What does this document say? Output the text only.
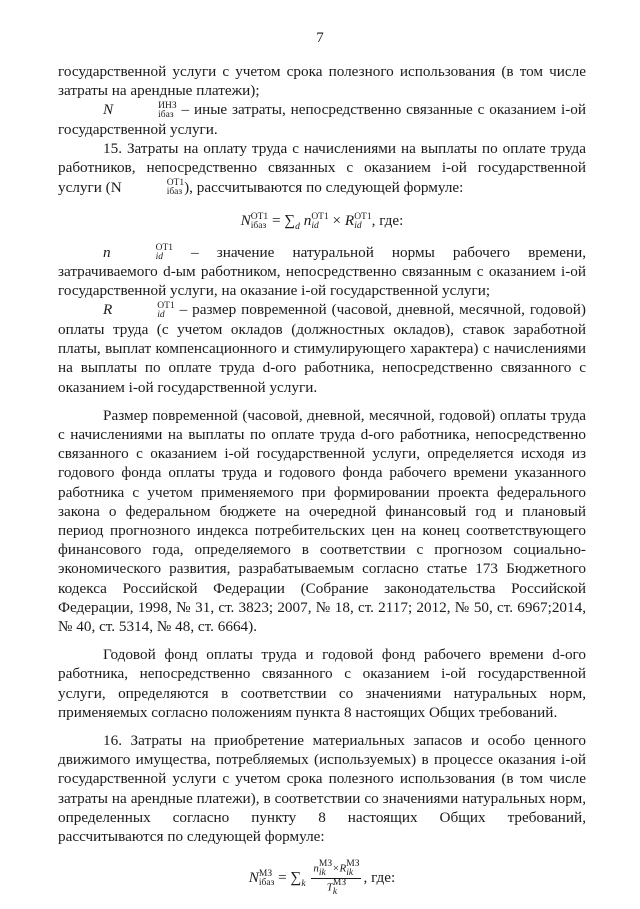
7

государственной услуги с учетом срока полезного использования (в том числе затраты на арендные платежи);

N	ИНЗ
iбаз – иные затраты, непосредственно связанные с оказанием i-ой государственной услуги.

15. Затраты на оплату труда с начислениями на выплаты по оплате труда работников, непосредственно связанных с оказанием i-ой государственной услуги (N	ОТ1
iбаз ), рассчитываются по следующей формуле:

N ОТ1
iбаз = $\sum_d$ n ОТ1
id × R ОТ1
id , где:

n	ОТ1
id – значение натуральной нормы рабочего времени, затрачиваемого d-ым работником, непосредственно связанным с оказанием i-ой государственной услуги, на оказание i-ой государственной услуги;

R	ОТ1
id – размер повременной (часовой, дневной, месячной, годовой) оплаты труда (с учетом окладов (должностных окладов), ставок заработной платы, выплат компенсационного и стимулирующего характера) с начислениями на выплаты по оплате труда d-ого работника, непосредственно связанного с оказанием i-ой государственной услуги.

Размер повременной (часовой, дневной, месячной, годовой) оплаты труда с начислениями на выплаты по оплате труда d-ого работника, непосредственно связанного с оказанием i-ой государственной услуги, определяется исходя из годового фонда оплаты труда и годового фонда рабочего времени указанного работника с учетом применяемого при формировании проекта федерального закона о федеральном бюджете на очередной финансовый год и плановый период прогнозного индекса потребительских цен на конец соответствующего финансового года, определяемого в соответствии с прогнозом социально-экономического развития, разрабатываемым согласно статье 173 Бюджетного кодекса Российской Федерации (Собрание законодательства Российской Федерации, 1998, № 31, ст. 3823; 2007, № 18, ст. 2117; 2012, № 50, ст. 6967;2014, № 40, ст. 5314, № 48, ст. 6664).

Годовой фонд оплаты труда и годовой фонд рабочего времени d-ого работника, непосредственно связанного с оказанием i-ой государственной услуги, определяются в соответствии со значениями натуральных норм, применяемых согласно положениям пункта 8 настоящих Общих требований.

16. Затраты на приобретение материальных запасов и особо ценного движимого имущества, потребляемых (используемых) в процессе оказания i-ой государственной услуги с учетом срока полезного использования (в том числе затраты на арендные платежи), в соответствии со значениями натуральных норм, определенных согласно пункту 8 настоящих Общих требований, рассчитываются по следующей формуле:

N МЗ
iбаз = $\sum_k$ n МЗ
ik ×R МЗ
ik
T МЗ
k , где:
